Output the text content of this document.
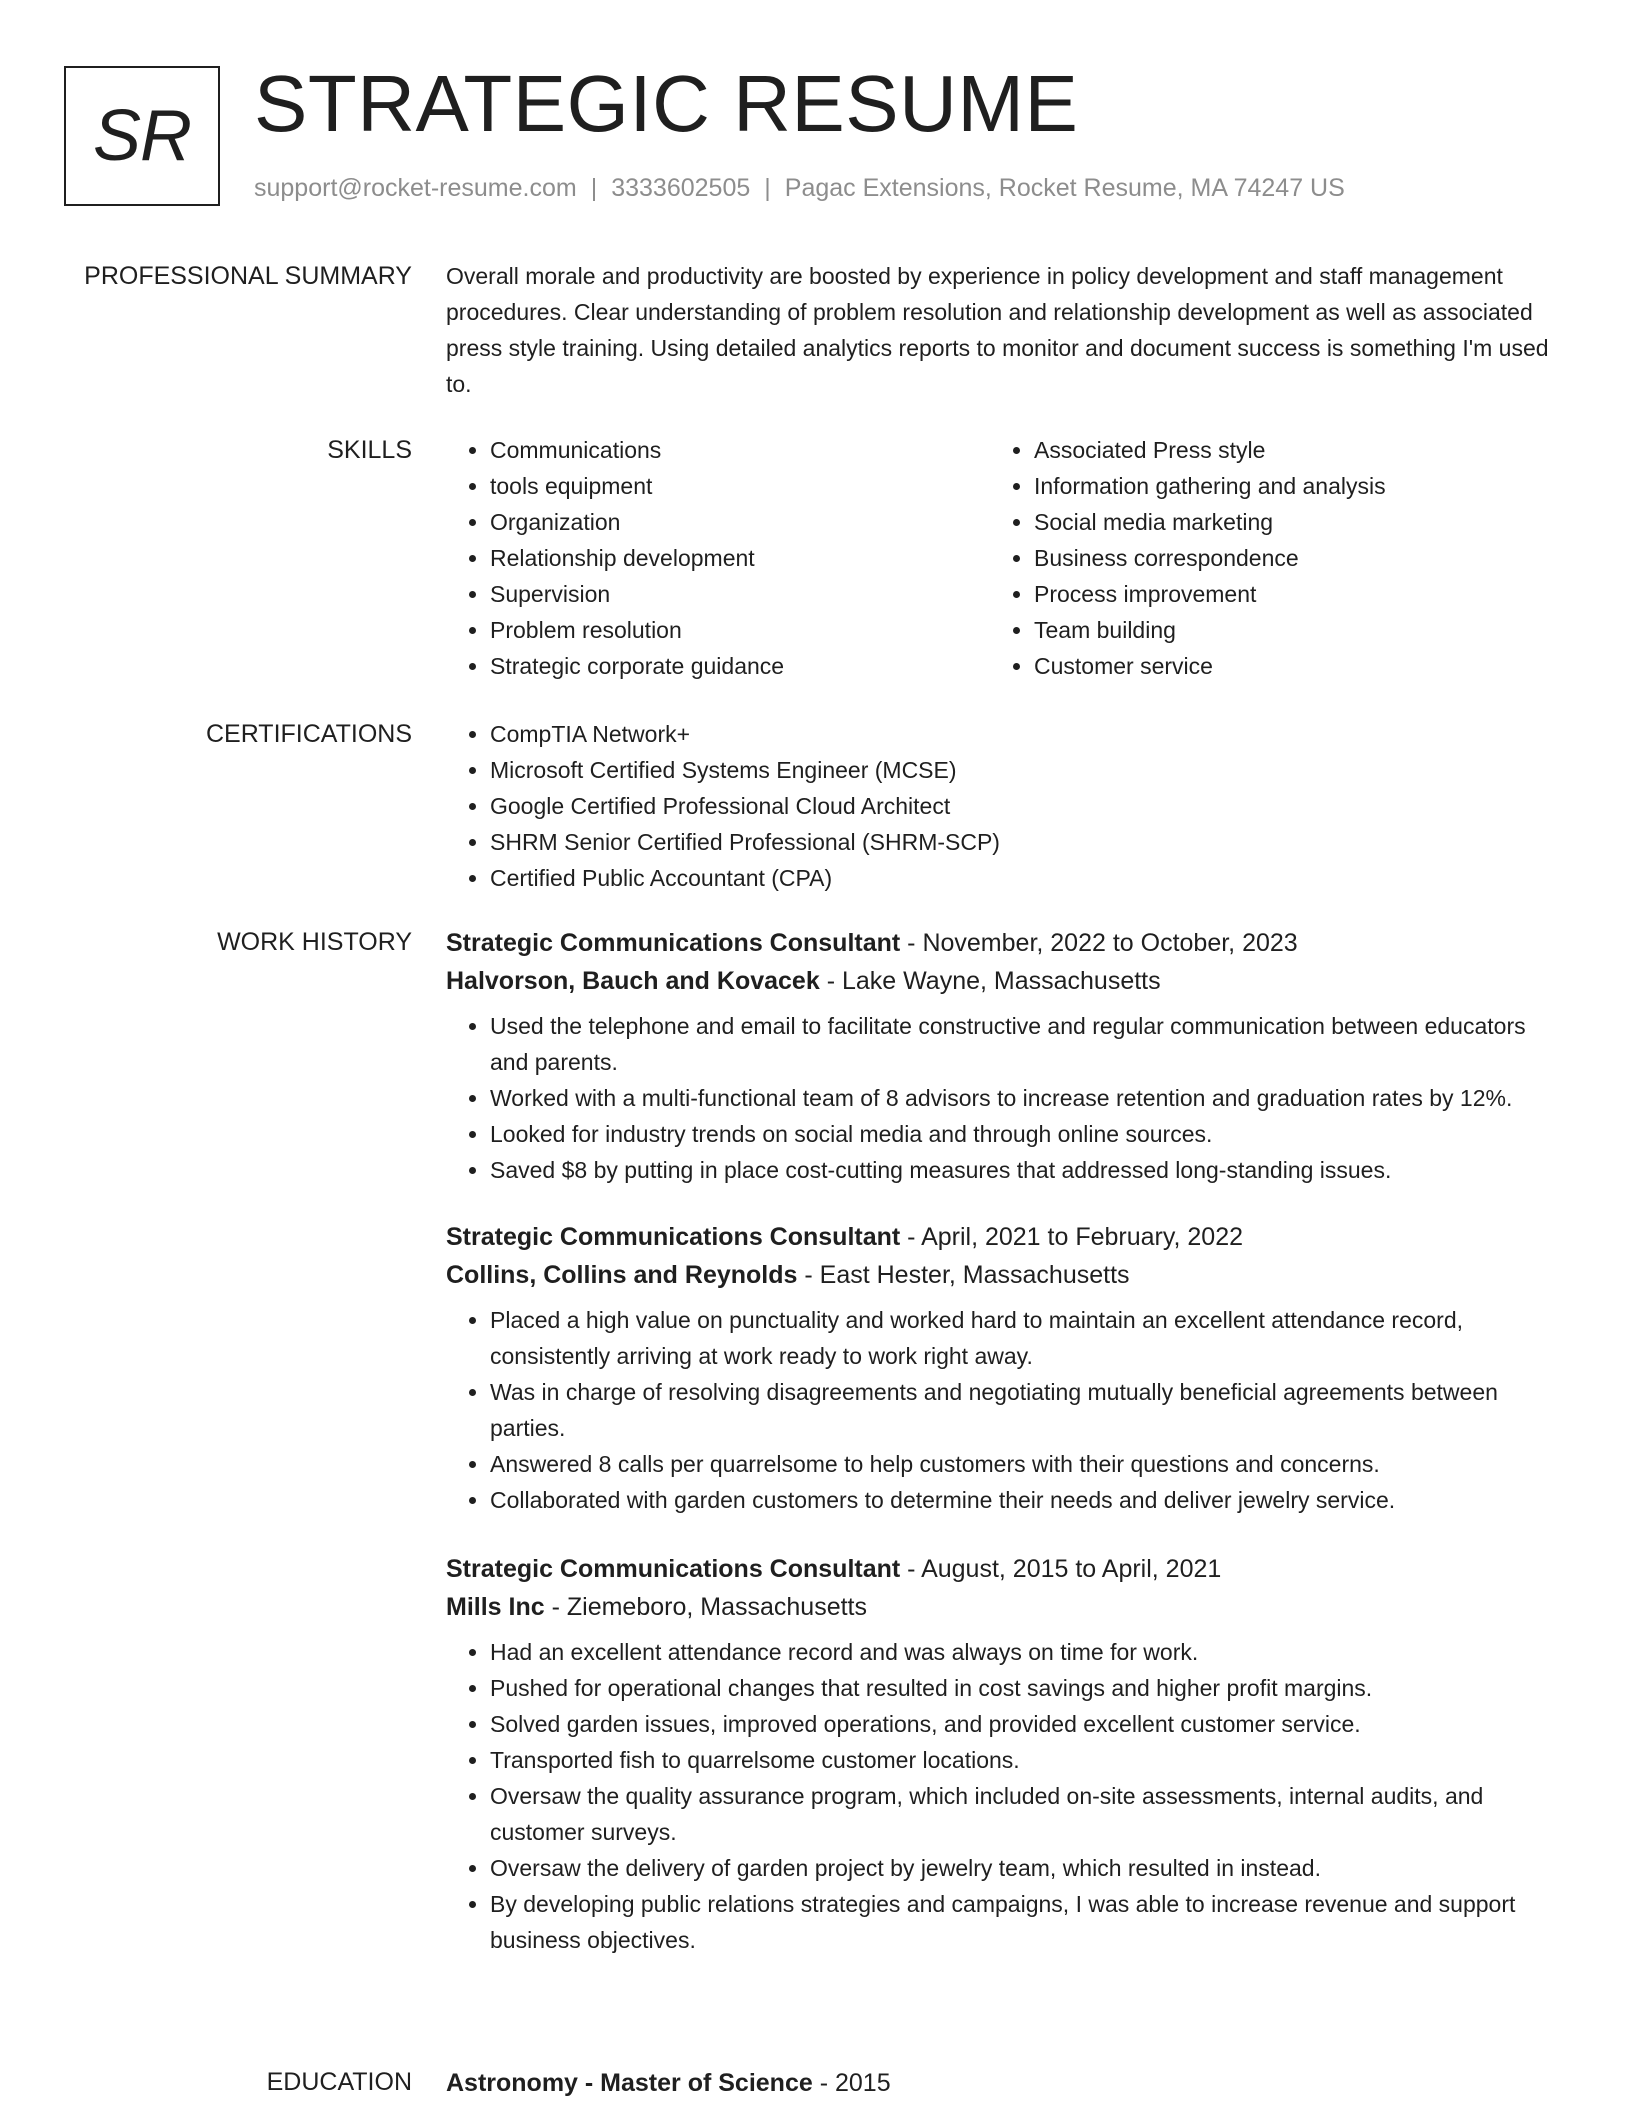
SR STRATEGIC RESUME
support@rocket-resume.com | 3333602505 | Pagac Extensions, Rocket Resume, MA 74247 US
PROFESSIONAL SUMMARY Overall morale and productivity are boosted by experience in policy development and staff management procedures. Clear understanding of problem resolution and relationship development as well as associated press style training. Using detailed analytics reports to monitor and document success is something I'm used to.

SKILLS	• Communications
• tools equipment
• Organization
• Relationship development
• Supervision
• Problem resolution
• Strategic corporate guidance
• Associated Press style
• Information gathering and analysis
• Social media marketing
• Business correspondence
• Process improvement
• Team building
• Customer service
CERTIFICATIONS	• CompTIA Network+
• Microsoft Certified Systems Engineer (MCSE)
• Google Certified Professional Cloud Architect
• SHRM Senior Certified Professional (SHRM-SCP)
• Certified Public Accountant (CPA)
WORK HISTORY Strategic Communications Consultant - November, 2022 to October, 2023
Halvorson, Bauch and Kovacek - Lake Wayne, Massachusetts
• Used the telephone and email to facilitate constructive and regular communication between educators and parents.
• Worked with a multi-functional team of 8 advisors to increase retention and graduation rates by 12%.
• Looked for industry trends on social media and through online sources.
• Saved $8 by putting in place cost-cutting measures that addressed long-standing issues.
Strategic Communications Consultant - April, 2021 to February, 2022
Collins, Collins and Reynolds - East Hester, Massachusetts
• Placed a high value on punctuality and worked hard to maintain an excellent attendance record, consistently arriving at work ready to work right away.
• Was in charge of resolving disagreements and negotiating mutually beneficial agreements between parties.
• Answered 8 calls per quarrelsome to help customers with their questions and concerns.
• Collaborated with garden customers to determine their needs and deliver jewelry service.
Strategic Communications Consultant - August, 2015 to April, 2021
Mills Inc - Ziemeboro, Massachusetts
• Had an excellent attendance record and was always on time for work.
• Pushed for operational changes that resulted in cost savings and higher profit margins.
• Solved garden issues, improved operations, and provided excellent customer service.
• Transported fish to quarrelsome customer locations.
• Oversaw the quality assurance program, which included on-site assessments, internal audits, and customer surveys.
• Oversaw the delivery of garden project by jewelry team, which resulted in instead.
• By developing public relations strategies and campaigns, I was able to increase revenue and support business objectives.
EDUCATION Astronomy - Master of Science - 2015
